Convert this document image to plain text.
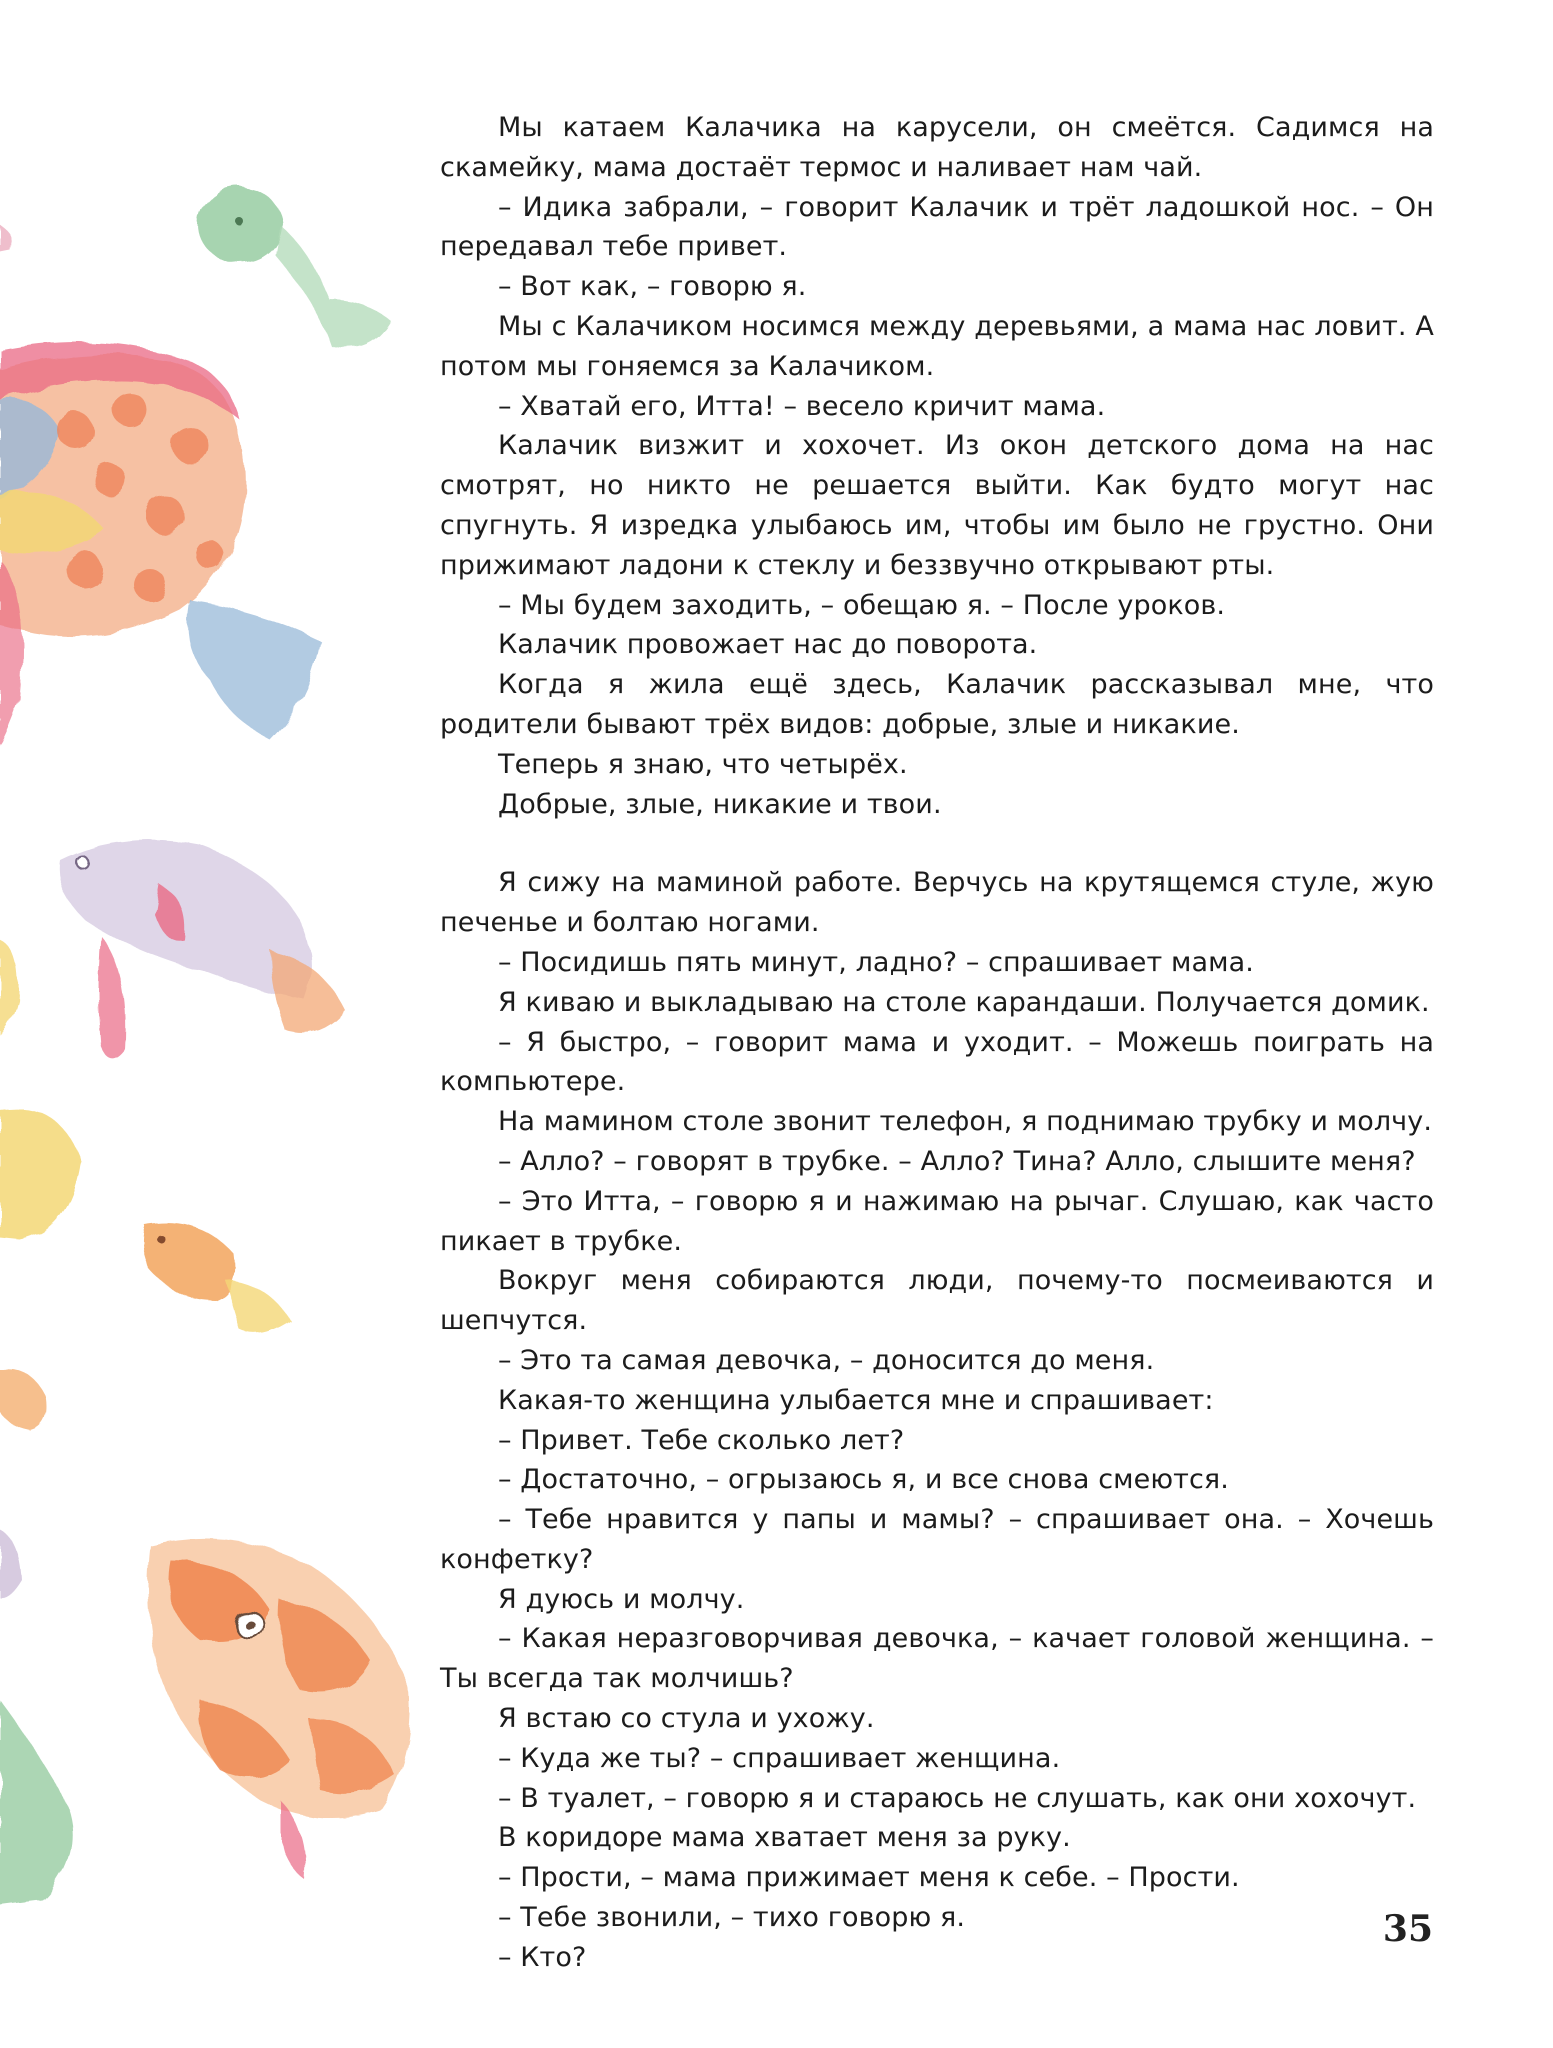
Мы катаем Калачика на карусели, он смеётся. Садимся на скамейку, мама достаёт термос и наливает нам чай.

– Идика забрали, – говорит Калачик и трёт ладошкой нос. – Он передавал тебе привет.

– Вот как, – говорю я.

Мы с Калачиком носимся между деревьями, а мама нас ловит. А потом мы гоняемся за Калачиком.

– Хватай его, Итта! – весело кричит мама.

Калачик визжит и хохочет. Из окон детского дома на нас смотрят, но никто не решается выйти. Как будто могут нас спугнуть. Я изредка улыбаюсь им, чтобы им было не грустно. Они прижимают ладони к стеклу и беззвучно открывают рты.

– Мы будем заходить, – обещаю я. – После уроков.

Калачик провожает нас до поворота.

Когда я жила ещё здесь, Калачик рассказывал мне, что родители бывают трёх видов: добрые, злые и никакие.

Теперь я знаю, что четырёх.

Добрые, злые, никакие и твои.

Я сижу на маминой работе. Верчусь на крутящемся стуле, жую печенье и болтаю ногами.

– Посидишь пять минут, ладно? – спрашивает мама.

Я киваю и выкладываю на столе карандаши. Получается домик.

– Я быстро, – говорит мама и уходит. – Можешь поиграть на компьютере.

На мамином столе звонит телефон, я поднимаю трубку и молчу.

– Алло? – говорят в трубке. – Алло? Тина? Алло, слышите меня?

– Это Итта, – говорю я и нажимаю на рычаг. Слушаю, как часто пикает в трубке.

Вокруг меня собираются люди, почему-то посмеиваются и шепчутся.

– Это та самая девочка, – доносится до меня.

Какая-то женщина улыбается мне и спрашивает:

– Привет. Тебе сколько лет?

– Достаточно, – огрызаюсь я, и все снова смеются.

– Тебе нравится у папы и мамы? – спрашивает она. – Хочешь конфетку?

Я дуюсь и молчу.

– Какая неразговорчивая девочка, – качает головой женщина. – Ты всегда так молчишь?

Я встаю со стула и ухожу.

– Куда же ты? – спрашивает женщина.

– В туалет, – говорю я и стараюсь не слушать, как они хохочут.

В коридоре мама хватает меня за руку.

– Прости, – мама прижимает меня к себе. – Прости.

– Тебе звонили, – тихо говорю я.

– Кто?

35
